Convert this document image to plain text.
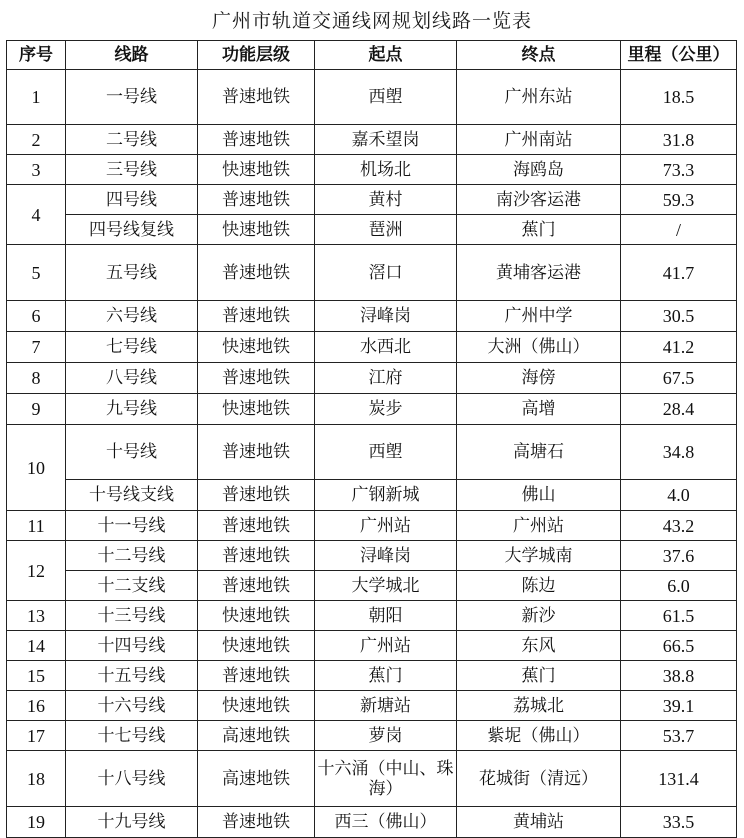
广州市轨道交通线网规划线路一览表
序号	线路	功能层级	起点	终点	里程（公里）
1	一号线	普速地铁	西塱	广州东站	18.5
2	二号线	普速地铁	嘉禾望岗	广州南站	31.8
3	三号线	快速地铁	机场北	海鸥岛	73.3
4	四号线	普速地铁	黄村	南沙客运港	59.3
	四号线复线	快速地铁	琶洲	蕉门	/
5	五号线	普速地铁	滘口	黄埔客运港	41.7
6	六号线	普速地铁	浔峰岗	广州中学	30.5
7	七号线	快速地铁	水西北	大洲（佛山）	41.2
8	八号线	普速地铁	江府	海傍	67.5
9	九号线	快速地铁	炭步	高增	28.4
10	十号线	普速地铁	西塱	高塘石	34.8
	十号线支线	普速地铁	广钢新城	佛山	4.0
11	十一号线	普速地铁	广州站	广州站	43.2
12	十二号线	普速地铁	浔峰岗	大学城南	37.6
	十二支线	普速地铁	大学城北	陈边	6.0
13	十三号线	快速地铁	朝阳	新沙	61.5
14	十四号线	快速地铁	广州站	东风	66.5
15	十五号线	普速地铁	蕉门	蕉门	38.8
16	十六号线	快速地铁	新塘站	荔城北	39.1
17	十七号线	高速地铁	萝岗	紫坭（佛山）	53.7
18	十八号线	高速地铁	十六涌（中山、珠海）	花城街（清远）	131.4
19	十九号线	普速地铁	西三（佛山）	黄埔站	33.5
